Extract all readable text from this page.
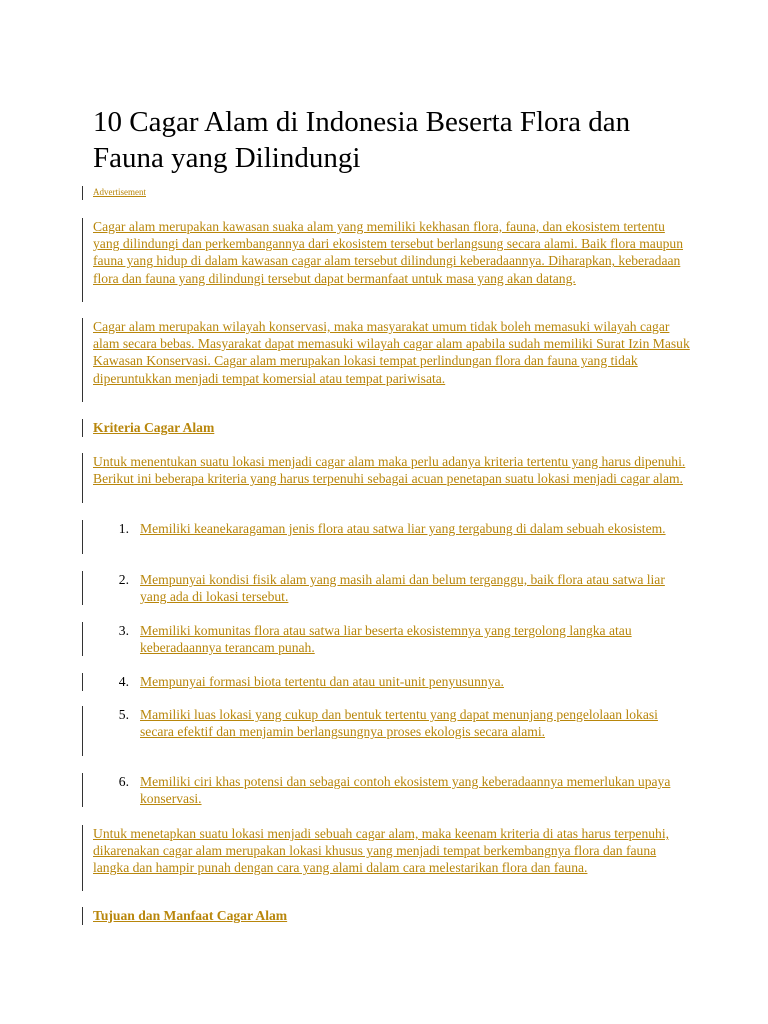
10 Cagar Alam di Indonesia Beserta Flora dan Fauna yang Dilindungi
Advertisement
Cagar alam merupakan kawasan suaka alam yang memiliki kekhasan flora, fauna, dan ekosistem tertentu yang dilindungi dan perkembangannya dari ekosistem tersebut berlangsung secara alami. Baik flora maupun fauna yang hidup di dalam kawasan cagar alam tersebut dilindungi keberadaannya. Diharapkan, keberadaan flora dan fauna yang dilindungi tersebut dapat bermanfaat untuk masa yang akan datang.
Cagar alam merupakan wilayah konservasi, maka masyarakat umum tidak boleh memasuki wilayah cagar alam secara bebas. Masyarakat dapat memasuki wilayah cagar alam apabila sudah memiliki Surat Izin Masuk Kawasan Konservasi. Cagar alam merupakan lokasi tempat perlindungan flora dan fauna yang tidak diperuntukkan menjadi tempat komersial atau tempat pariwisata.
Kriteria Cagar Alam
Untuk menentukan suatu lokasi menjadi cagar alam maka perlu adanya kriteria tertentu yang harus dipenuhi. Berikut ini beberapa kriteria yang harus terpenuhi sebagai acuan penetapan suatu lokasi menjadi cagar alam.
1. Memiliki keanekaragaman jenis flora atau satwa liar yang tergabung di dalam sebuah ekosistem.
2. Mempunyai kondisi fisik alam yang masih alami dan belum terganggu, baik flora atau satwa liar yang ada di lokasi tersebut.
3. Memiliki komunitas flora atau satwa liar beserta ekosistemnya yang tergolong langka atau keberadaannya terancam punah.
4. Mempunyai formasi biota tertentu dan atau unit-unit penyusunnya.
5. Mamiliki luas lokasi yang cukup dan bentuk tertentu yang dapat menunjang pengelolaan lokasi secara efektif dan menjamin berlangsungnya proses ekologis secara alami.
6. Memiliki ciri khas potensi dan sebagai contoh ekosistem yang keberadaannya memerlukan upaya konservasi.
Untuk menetapkan suatu lokasi menjadi sebuah cagar alam, maka keenam kriteria di atas harus terpenuhi, dikarenakan cagar alam merupakan lokasi khusus yang menjadi tempat berkembangnya flora dan fauna langka dan hampir punah dengan cara yang alami dalam cara melestarikan flora dan fauna.
Tujuan dan Manfaat Cagar Alam
